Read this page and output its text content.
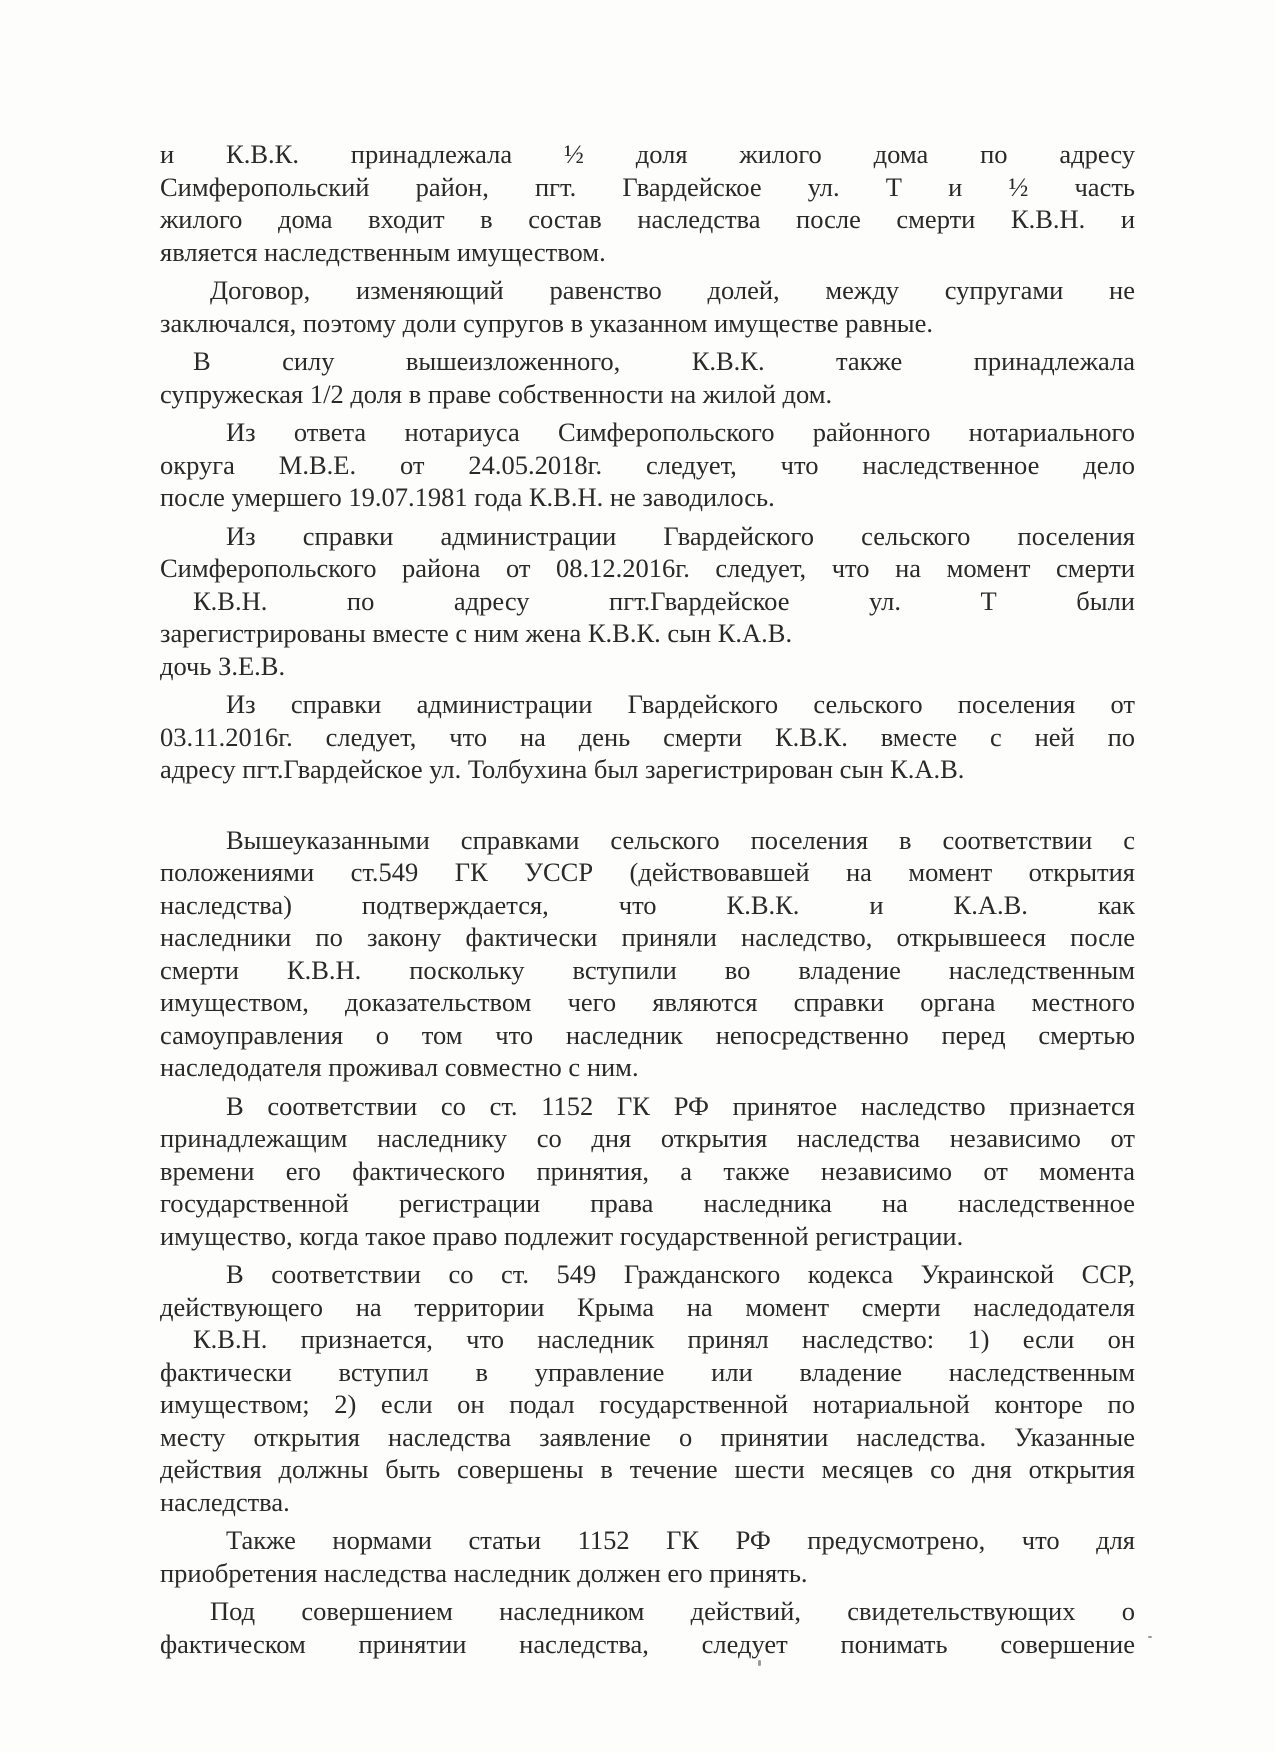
и К.В.К. принадлежала ½ доля жилого дома по адресу
Симферопольский район, пгт. Гвардейское ул. Т и ½ часть
жилого дома входит в состав наследства после смерти К.В.Н. и
является наследственным имуществом.
Договор, изменяющий равенство долей, между супругами не
заключался, поэтому доли супругов в указанном имуществе равные.
В силу вышеизложенного, К.В.К. также принадлежала
супружеская 1/2 доля в праве собственности на жилой дом.
Из ответа нотариуса Симферопольского районного нотариального
округа М.В.Е. от 24.05.2018г. следует, что наследственное дело
после умершего 19.07.1981 года К.В.Н. не заводилось.
Из справки администрации Гвардейского сельского поселения
Симферопольского района от 08.12.2016г. следует, что на момент смерти
К.В.Н. по адресу пгт.Гвардейское ул. Т были
зарегистрированы вместе с ним жена К.В.К. сын К.А.В.
дочь З.Е.В.
Из справки администрации Гвардейского сельского поселения от
03.11.2016г. следует, что на день смерти К.В.К. вместе с ней по
адресу пгт.Гвардейское ул. Толбухина был зарегистрирован сын К.А.В.
Вышеуказанными справками сельского поселения в соответствии с
положениями ст.549 ГК УССР (действовавшей на момент открытия
наследства) подтверждается, что К.В.К. и К.А.В. как
наследники по закону фактически приняли наследство, открывшееся после
смерти К.В.Н. поскольку вступили во владение наследственным
имуществом, доказательством чего являются справки органа местного
самоуправления о том что наследник непосредственно перед смертью
наследодателя проживал совместно с ним.
В соответствии со ст. 1152 ГК РФ принятое наследство признается
принадлежащим наследнику со дня открытия наследства независимо от
времени его фактического принятия, а также независимо от момента
государственной регистрации права наследника на наследственное
имущество, когда такое право подлежит государственной регистрации.
В соответствии со ст. 549 Гражданского кодекса Украинской ССР,
действующего на территории Крыма на момент смерти наследодателя
К.В.Н. признается, что наследник принял наследство: 1) если он
фактически вступил в управление или владение наследственным
имуществом; 2) если он подал государственной нотариальной конторе по
месту открытия наследства заявление о принятии наследства. Указанные
действия должны быть совершены в течение шести месяцев со дня открытия
наследства.
Также нормами статьи 1152 ГК РФ предусмотрено, что для
приобретения наследства наследник должен его принять.
Под совершением наследником действий, свидетельствующих о
фактическом принятии наследства, следует понимать совершение
